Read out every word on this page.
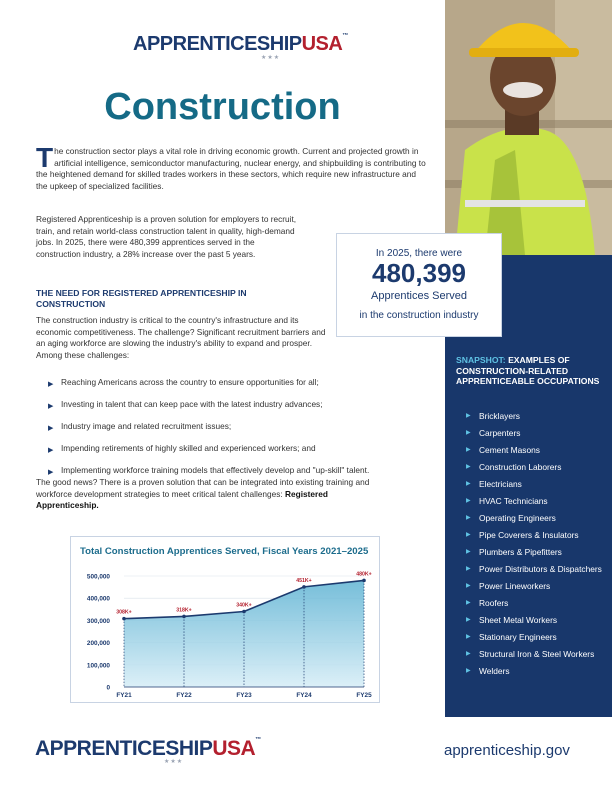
APPRENTICESHIPUSA™
★★★
Construction
The construction sector plays a vital role in driving economic growth. Current and projected growth in artificial intelligence, semiconductor manufacturing, nuclear energy, and shipbuilding is contributing to the heightened demand for skilled trades workers in these sectors, which require new infrastructure and the upkeep of specialized facilities.
Registered Apprenticeship is a proven solution for employers to recruit, train, and retain world-class construction talent in quality, high-demand jobs. In 2025, there were 480,399 apprentices served in the construction industry, a 28% increase over the past 5 years.
THE NEED FOR REGISTERED APPRENTICESHIP IN CONSTRUCTION
The construction industry is critical to the country's infrastructure and its economic competitiveness. The challenge? Significant recruitment barriers and an aging workforce are slowing the industry's ability to expand and prosper. Among these challenges:
▶ Reaching Americans across the country to ensure opportunities for all;
▶ Investing in talent that can keep pace with the latest industry advances;
▶ Industry image and related recruitment issues;
▶ Impending retirements of highly skilled and experienced workers; and
▶ Implementing workforce training models that effectively develop and "up-skill" talent.
The good news? There is a proven solution that can be integrated into existing training and workforce development strategies to meet critical talent challenges: Registered Apprenticeship.
In 2025, there were
480,399
Apprentices Served
in the construction industry
SNAPSHOT: EXAMPLES OF CONSTRUCTION-RELATED APPRENTICEABLE OCCUPATIONS
▶ Bricklayers
▶ Carpenters
▶ Cement Masons
▶ Construction Laborers
▶ Electricians
▶ HVAC Technicians
▶ Operating Engineers
▶ Pipe Coverers & Insulators
▶ Plumbers & Pipefitters
▶ Power Distributors & Dispatchers
▶ Power Lineworkers
▶ Roofers
▶ Sheet Metal Workers
▶ Stationary Engineers
▶ Structural Iron & Steel Workers
▶ Welders
Total Construction Apprentices Served, Fiscal Years 2021–2025
0
100,000
200,000
300,000
400,000
500,000
308K+
FY21
318K+
FY22
340K+
FY23
451K+
FY24
480K+
FY25
APPRENTICESHIPUSA™
★★★
apprenticeship.gov
